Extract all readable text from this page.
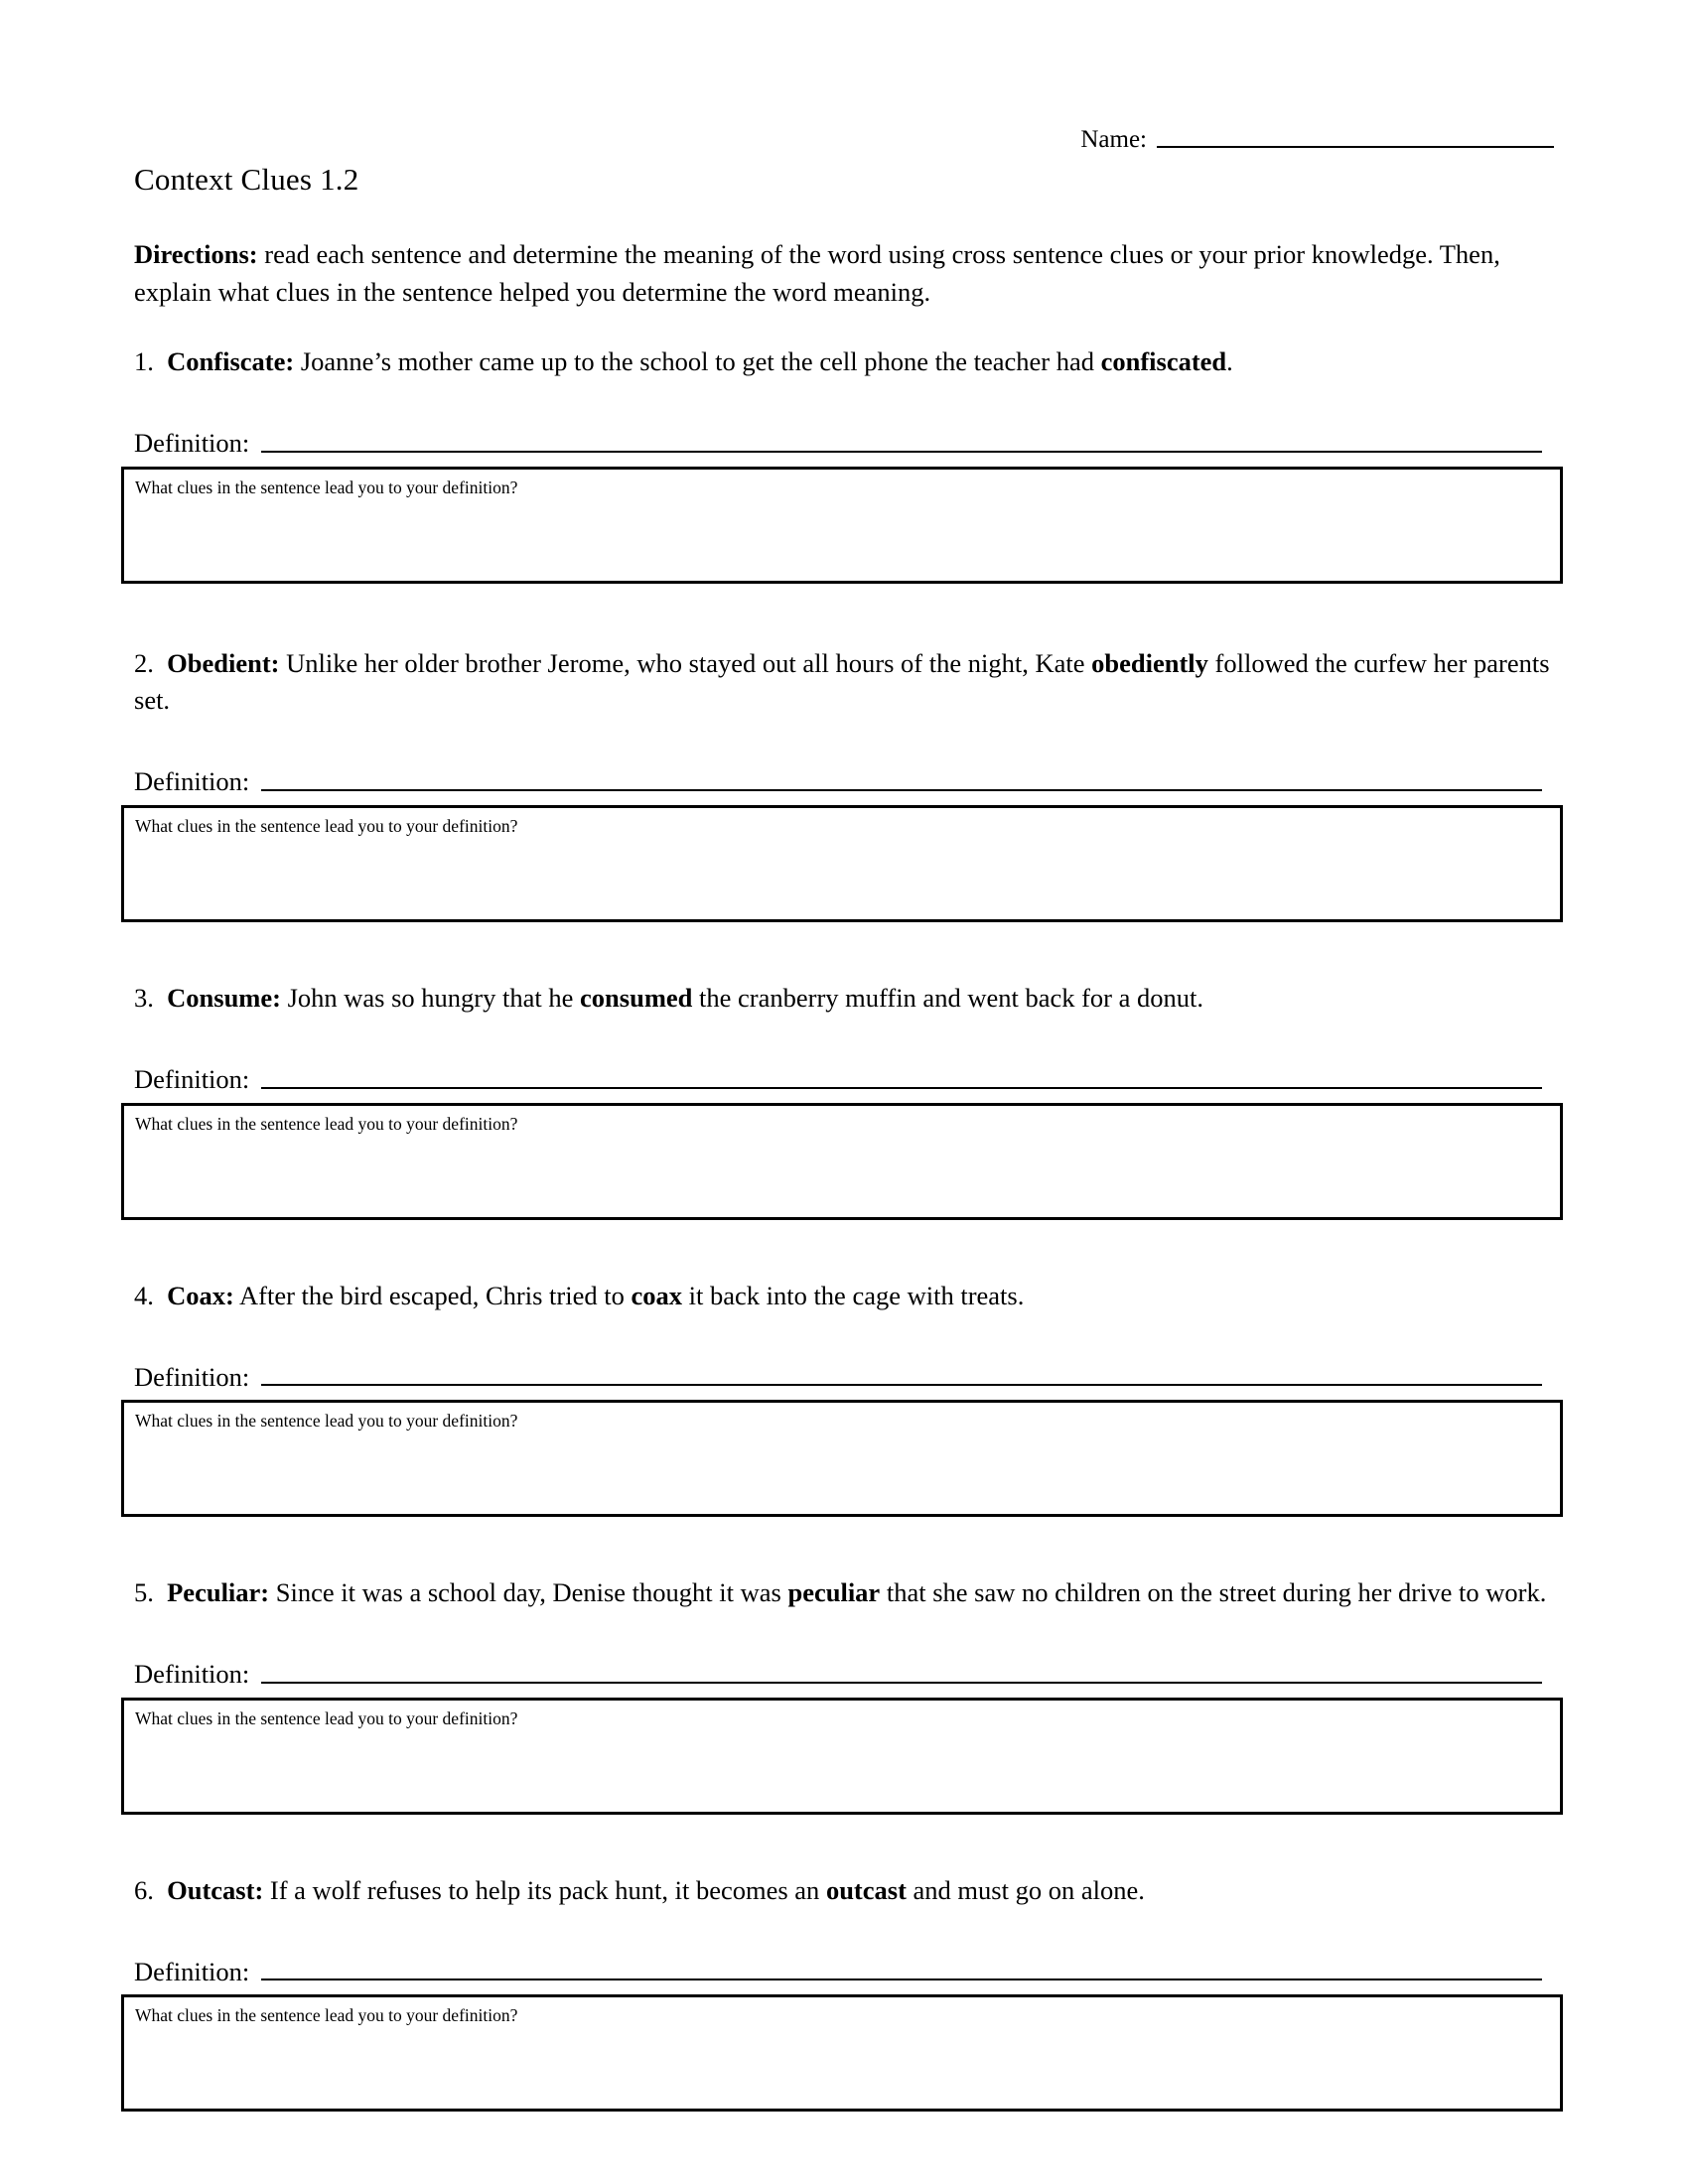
Name:
Context Clues 1.2
Directions: read each sentence and determine the meaning of the word using cross sentence clues or your prior knowledge. Then, explain what clues in the sentence helped you determine the word meaning.

1. Confiscate: Joanne’s mother came up to the school to get the cell phone the teacher had confiscated.

Definition:
What clues in the sentence lead you to your definition?

2. Obedient: Unlike her older brother Jerome, who stayed out all hours of the night, Kate obediently followed the curfew her parents set.

Definition:
What clues in the sentence lead you to your definition?

3. Consume: John was so hungry that he consumed the cranberry muffin and went back for a donut.

Definition:
What clues in the sentence lead you to your definition?

4. Coax: After the bird escaped, Chris tried to coax it back into the cage with treats.

Definition:
What clues in the sentence lead you to your definition?

5. Peculiar: Since it was a school day, Denise thought it was peculiar that she saw no children on the street during her drive to work.

Definition:
What clues in the sentence lead you to your definition?

6. Outcast: If a wolf refuses to help its pack hunt, it becomes an outcast and must go on alone.

Definition:
What clues in the sentence lead you to your definition?
